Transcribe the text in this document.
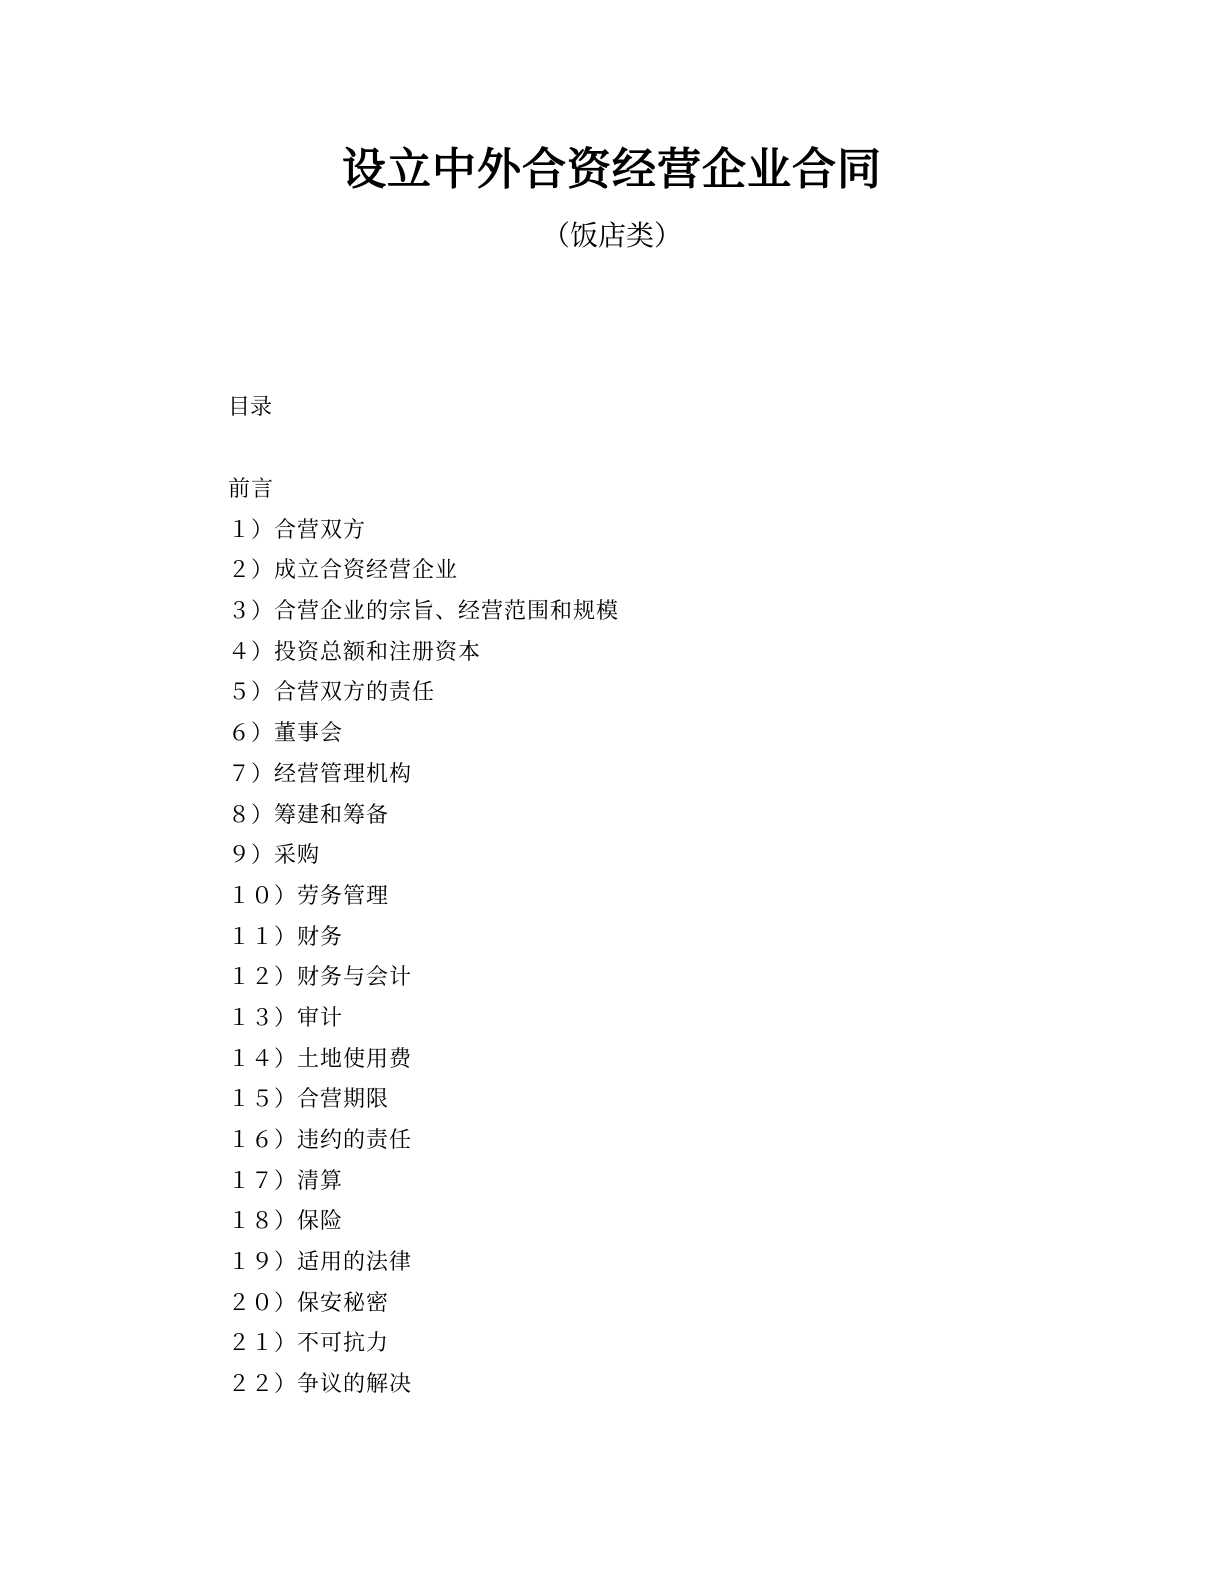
设立中外合资经营企业合同

（饭店类）

目录
前言
１）合营双方
２）成立合资经营企业
３）合营企业的宗旨、经营范围和规模
４）投资总额和注册资本
５）合营双方的责任
６）董事会
７）经营管理机构
８）筹建和筹备
９）采购
１０）劳务管理
１１）财务
１２）财务与会计
１３）审计
１４）土地使用费
１５）合营期限
１６）违约的责任
１７）清算
１８）保险
１９）适用的法律
２０）保安秘密
２１）不可抗力
２２）争议的解决
